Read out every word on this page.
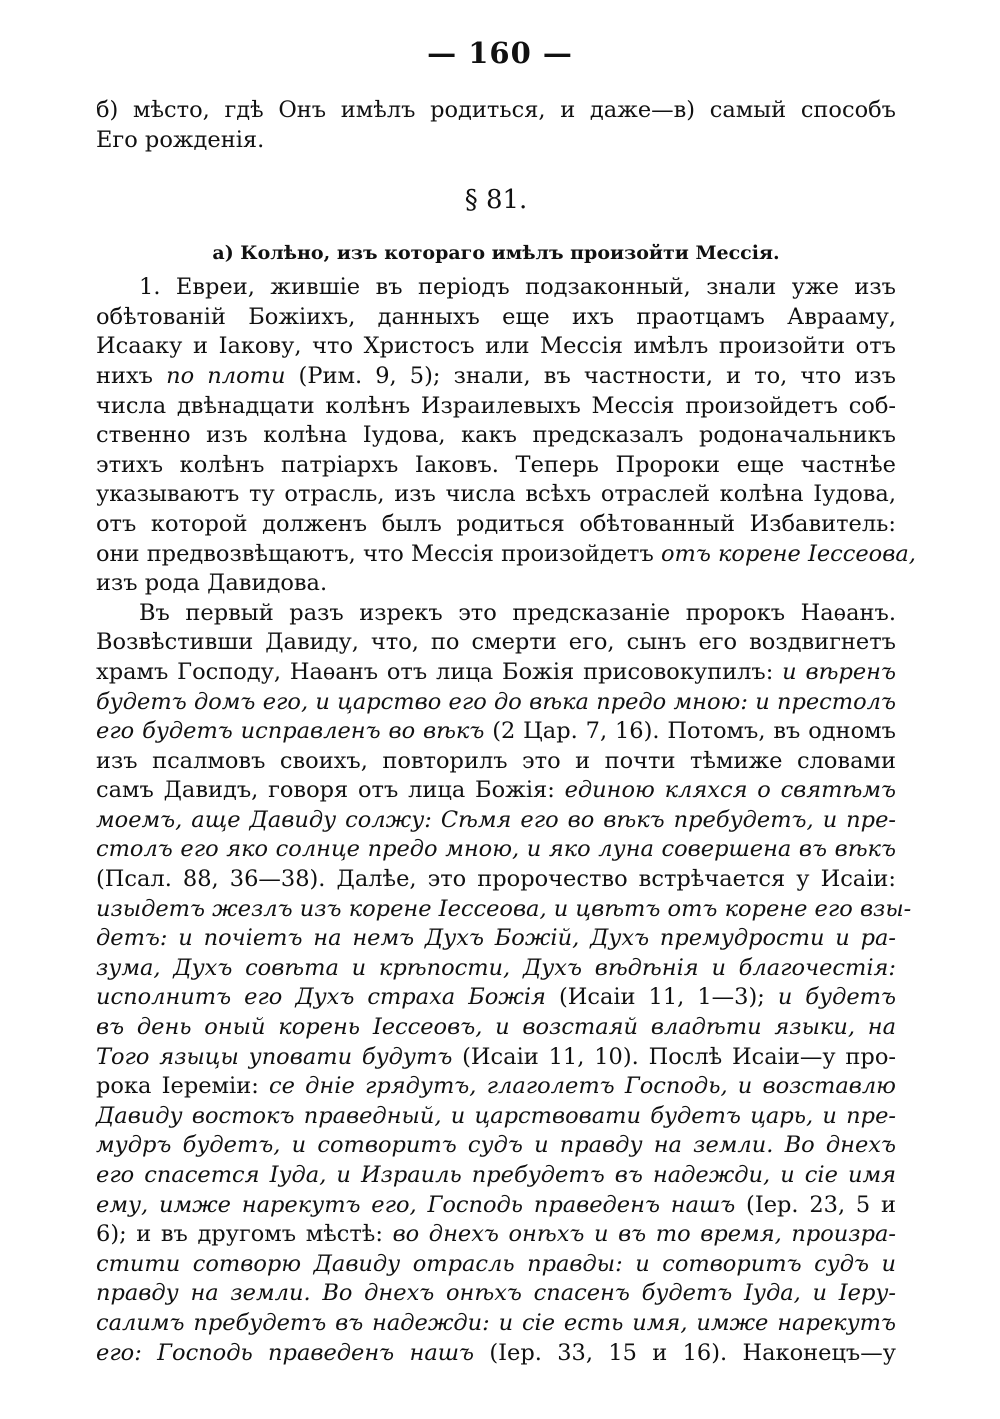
— 160 —
б) мѣсто, гдѣ Онъ имѣлъ родиться, и даже—в) самый способъ
Его рожденія.
§ 81.
а) Колѣно, изъ котораго имѣлъ произойти Мессія.
1. Евреи, жившіе въ періодъ подзаконный, знали уже изъ
обѣтованій Божіихъ, данныхъ еще ихъ праотцамъ Аврааму,
Исааку и Іакову, что Христосъ или Мессія имѣлъ произойти отъ
нихъ по плоти (Рим. 9, 5); знали, въ частности, и то, что изъ
числа двѣнадцати колѣнъ Израилевыхъ Мессія произойдетъ соб-
ственно изъ колѣна Іудова, какъ предсказалъ родоначальникъ
этихъ колѣнъ патріархъ Іаковъ. Теперь Пророки еще частнѣе
указываютъ ту отрасль, изъ числа всѣхъ отраслей колѣна Іудова,
отъ которой долженъ былъ родиться обѣтованный Избавитель:
они предвозвѣщаютъ, что Мессія произойдетъ отъ корене Іессеова,
изъ рода Давидова.
Въ первый разъ изрекъ это предсказаніе пророкъ Наѳанъ.
Возвѣстивши Давиду, что, по смерти его, сынъ его воздвигнетъ
храмъ Господу, Наѳанъ отъ лица Божія присовокупилъ: и вѣренъ
будетъ домъ его, и царство его до вѣка предо мною: и престолъ
его будетъ исправленъ во вѣкъ (2 Цар. 7, 16). Потомъ, въ одномъ
изъ псалмовъ своихъ, повторилъ это и почти тѣмиже словами
самъ Давидъ, говоря отъ лица Божія: единою кляхся о святѣмъ
моемъ, аще Давиду солжу: Сѣмя его во вѣкъ пребудетъ, и пре-
столъ его яко солнце предо мною, и яко луна совершена въ вѣкъ
(Псал. 88, 36—38). Далѣе, это пророчество встрѣчается у Исаіи:
изыдетъ жезлъ изъ корене Іессеова, и цвѣтъ отъ корене его взы-
детъ: и почіетъ на немъ Духъ Божій, Духъ премудрости и ра-
зума, Духъ совѣта и крѣпости, Духъ вѣдѣнія и благочестія:
исполнитъ его Духъ страха Божія (Исаіи 11, 1—3); и будетъ
въ день оный корень Іессеовъ, и возстаяй владѣти языки, на
Того языцы уповати будутъ (Исаіи 11, 10). Послѣ Исаіи—у про-
рока Іереміи: се дніе грядутъ, глаголетъ Господь, и возставлю
Давиду востокъ праведный, и царствовати будетъ царь, и пре-
мудръ будетъ, и сотворитъ судъ и правду на земли. Во днехъ
его спасется Іуда, и Израиль пребудетъ въ надежди, и сіе имя
ему, имже нарекутъ его, Господь праведенъ нашъ (Іер. 23, 5 и
6); и въ другомъ мѣстѣ: во днехъ онѣхъ и въ то время, произра-
стити сотворю Давиду отрасль правды: и сотворитъ судъ и
правду на земли. Во днехъ онѣхъ спасенъ будетъ Іуда, и Іеру-
салимъ пребудетъ въ надежди: и сіе есть имя, имже нарекутъ
его: Господь праведенъ нашъ (Іер. 33, 15 и 16). Наконецъ—у
